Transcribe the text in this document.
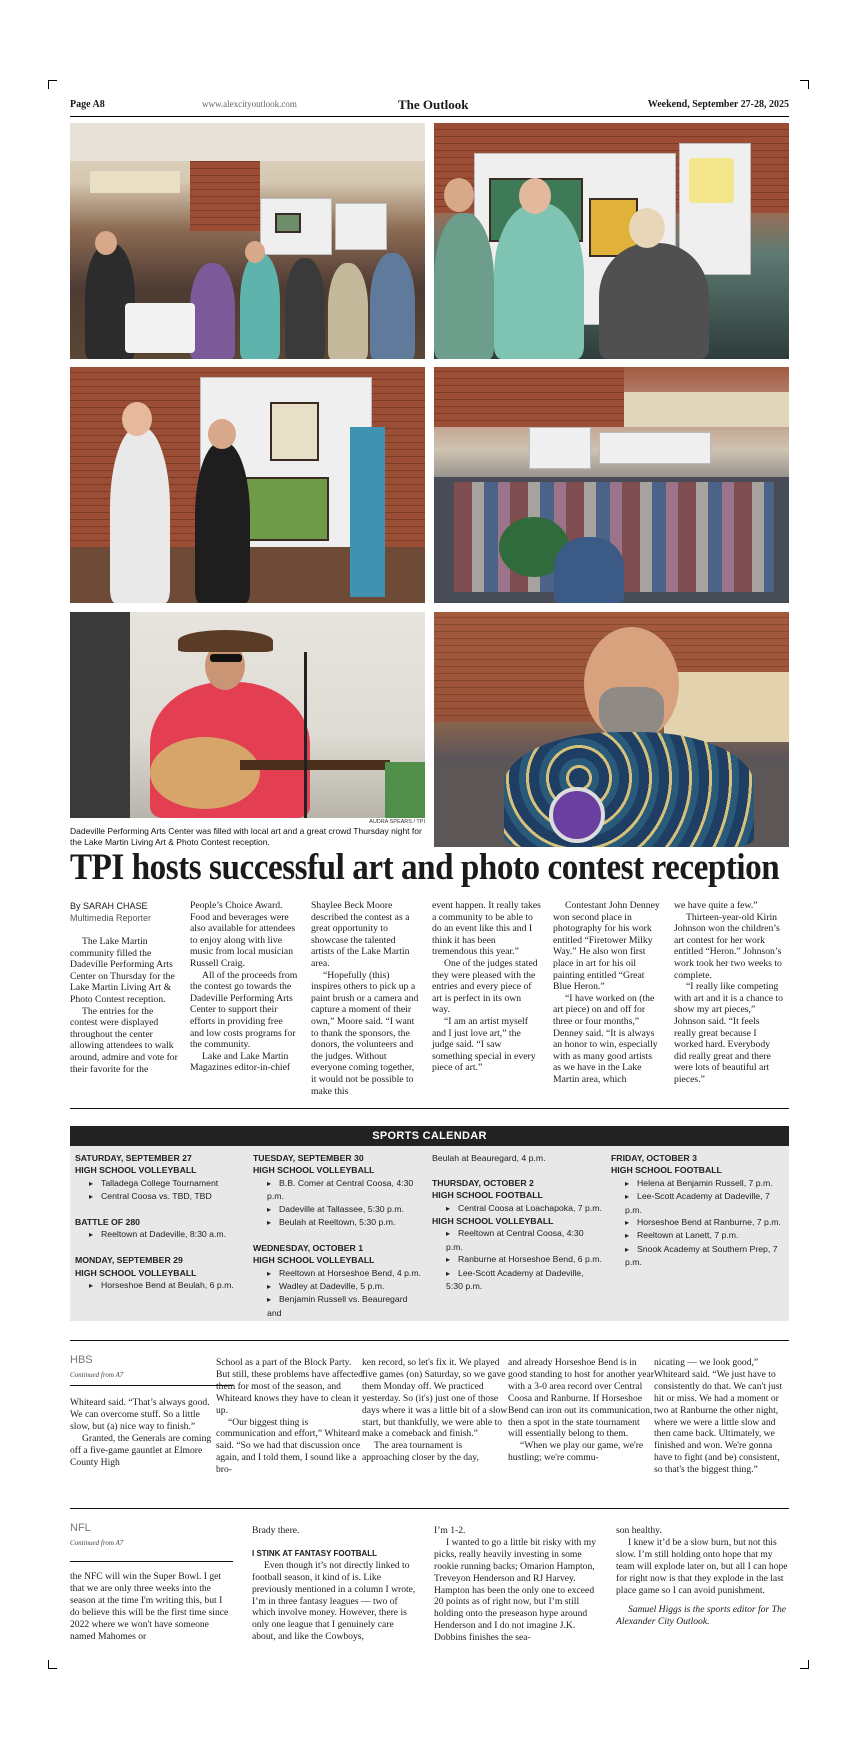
Page A8	www.alexcityoutlook.com	The Outlook	Weekend, September 27-28, 2025
AUDRA SPEARS / TPI
Dadeville Performing Arts Center was filled with local art and a great crowd Thursday night for the Lake Martin Living Art & Photo Contest reception.
TPI hosts successful art and photo contest reception
By SARAH CHASE
Multimedia Reporter

The Lake Martin community filled the Dadeville Performing Arts Center on Thursday for the Lake Martin Living Art & Photo Contest reception.

The entries for the contest were displayed throughout the center allowing attendees to walk around, admire and vote for their favorite for the

People’s Choice Award. Food and beverages were also available for attendees to enjoy along with live music from local musician Russell Craig.

All of the proceeds from the contest go towards the Dadeville Performing Arts Center to support their efforts in providing free and low costs programs for the community.

Lake and Lake Martin Magazines editor-in-chief

Shaylee Beck Moore described the contest as a great opportunity to showcase the talented artists of the Lake Martin area.

“Hopefully (this) inspires others to pick up a paint brush or a camera and capture a moment of their own,” Moore said. “I want to thank the sponsors, the donors, the volunteers and the judges. Without everyone coming together, it would not be possible to make this

event happen. It really takes a community to be able to do an event like this and I think it has been tremendous this year.”

One of the judges stated they were pleased with the entries and every piece of art is perfect in its own way.

“I am an artist myself and I just love art,” the judge said. “I saw something special in every piece of art.”

Contestant John Denney won second place in photography for his work entitled “Firetower Milky Way.” He also won first place in art for his oil painting entitled “Great Blue Heron.”

“I have worked on (the art piece) on and off for three or four months,” Denney said. “It is always an honor to win, especially with as many good artists as we have in the Lake Martin area, which

we have quite a few.”

Thirteen-year-old Kirin Johnson won the children’s art contest for her work entitled “Heron.” Johnson’s work took her two weeks to complete.

“I really like competing with art and it is a chance to show my art pieces,” Johnson said. “It feels really great because I worked hard. Everybody did really great and there were lots of beautiful art pieces.”

SPORTS CALENDAR
SATURDAY, SEPTEMBER 27
HIGH SCHOOL VOLLEYBALL
▸ Talladega College Tournament
▸ Central Coosa vs. TBD, TBD
BATTLE OF 280
▸ Reeltown at Dadeville, 8:30 a.m.
MONDAY, SEPTEMBER 29
HIGH SCHOOL VOLLEYBALL
▸ Horseshoe Bend at Beulah, 6 p.m.
TUESDAY, SEPTEMBER 30
HIGH SCHOOL VOLLEYBALL
▸ B.B. Comer at Central Coosa, 4:30 p.m.
▸ Dadeville at Tallassee, 5:30 p.m.
▸ Beulah at Reeltown, 5:30 p.m.
WEDNESDAY, OCTOBER 1
HIGH SCHOOL VOLLEYBALL
▸ Reeltown at Horseshoe Bend, 4 p.m.
▸ Wadley at Dadeville, 5 p.m.
▸ Benjamin Russell vs. Beauregard and
Beulah at Beauregard, 4 p.m.
THURSDAY, OCTOBER 2
HIGH SCHOOL FOOTBALL
▸ Central Coosa at Loachapoka, 7 p.m.
HIGH SCHOOL VOLLEYBALL
▸ Reeltown at Central Coosa, 4:30 p.m.
▸ Ranburne at Horseshoe Bend, 6 p.m.
▸ Lee-Scott Academy at Dadeville, 5:30 p.m.
FRIDAY, OCTOBER 3
HIGH SCHOOL FOOTBALL
▸ Helena at Benjamin Russell, 7 p.m.
▸ Lee-Scott Academy at Dadeville, 7 p.m.
▸ Horseshoe Bend at Ranburne, 7 p.m.
▸ Reeltown at Lanett, 7 p.m.
▸ Snook Academy at Southern Prep, 7 p.m.
HBS
Continued from A7

Whiteard said. “That’s always good. We can overcome stuff. So a little slow, but (a) nice way to finish.”

Granted, the Generals are coming off a five-game gauntlet at Elmore County High

School as a part of the Block Party. But still, these problems have affected them for most of the season, and Whiteard knows they have to clean it up.

“Our biggest thing is communication and effort,” Whiteard said. “So we had that discussion once again, and I told them, I sound like a bro-

ken record, so let's fix it. We played five games (on) Saturday, so we gave them Monday off. We practiced yesterday. So (it's) just one of those days where it was a little bit of a slow start, but thankfully, we were able to make a comeback and finish.”

The area tournament is approaching closer by the day,

and already Horseshoe Bend is in good standing to host for another year with a 3-0 area record over Central Coosa and Ranburne. If Horseshoe Bend can iron out its communication, then a spot in the state tournament will essentially belong to them.

“When we play our game, we're hustling; we're commu-

nicating — we look good,” Whiteard said. “We just have to consistently do that. We can't just hit or miss. We had a moment or two at Ranburne the other night, where we were a little slow and then came back. Ultimately, we finished and won. We're gonna have to fight (and be) consistent, so that's the biggest thing.”

NFL
Continued from A7

the NFC will win the Super Bowl. I get that we are only three weeks into the season at the time I'm writing this, but I do believe this will be the first time since 2022 where we won't have someone named Mahomes or

Brady there.

I STINK AT FANTASY FOOTBALL

Even though it’s not directly linked to football season, it kind of is. Like previously mentioned in a column I wrote, I’m in three fantasy leagues — two of which involve money. However, there is only one league that I genuinely care about, and like the Cowboys,

I’m 1-2.

I wanted to go a little bit risky with my picks, really heavily investing in some rookie running backs; Omarion Hampton, Treveyon Henderson and RJ Harvey. Hampton has been the only one to exceed 20 points as of right now, but I’m still holding onto the preseason hype around Henderson and I do not imagine J.K. Dobbins finishes the sea-

son healthy.

I knew it’d be a slow burn, but not this slow. I’m still holding onto hope that my team will explode later on, but all I can hope for right now is that they explode in the last place game so I can avoid punishment.

Samuel Higgs is the sports editor for The Alexander City Outlook.
